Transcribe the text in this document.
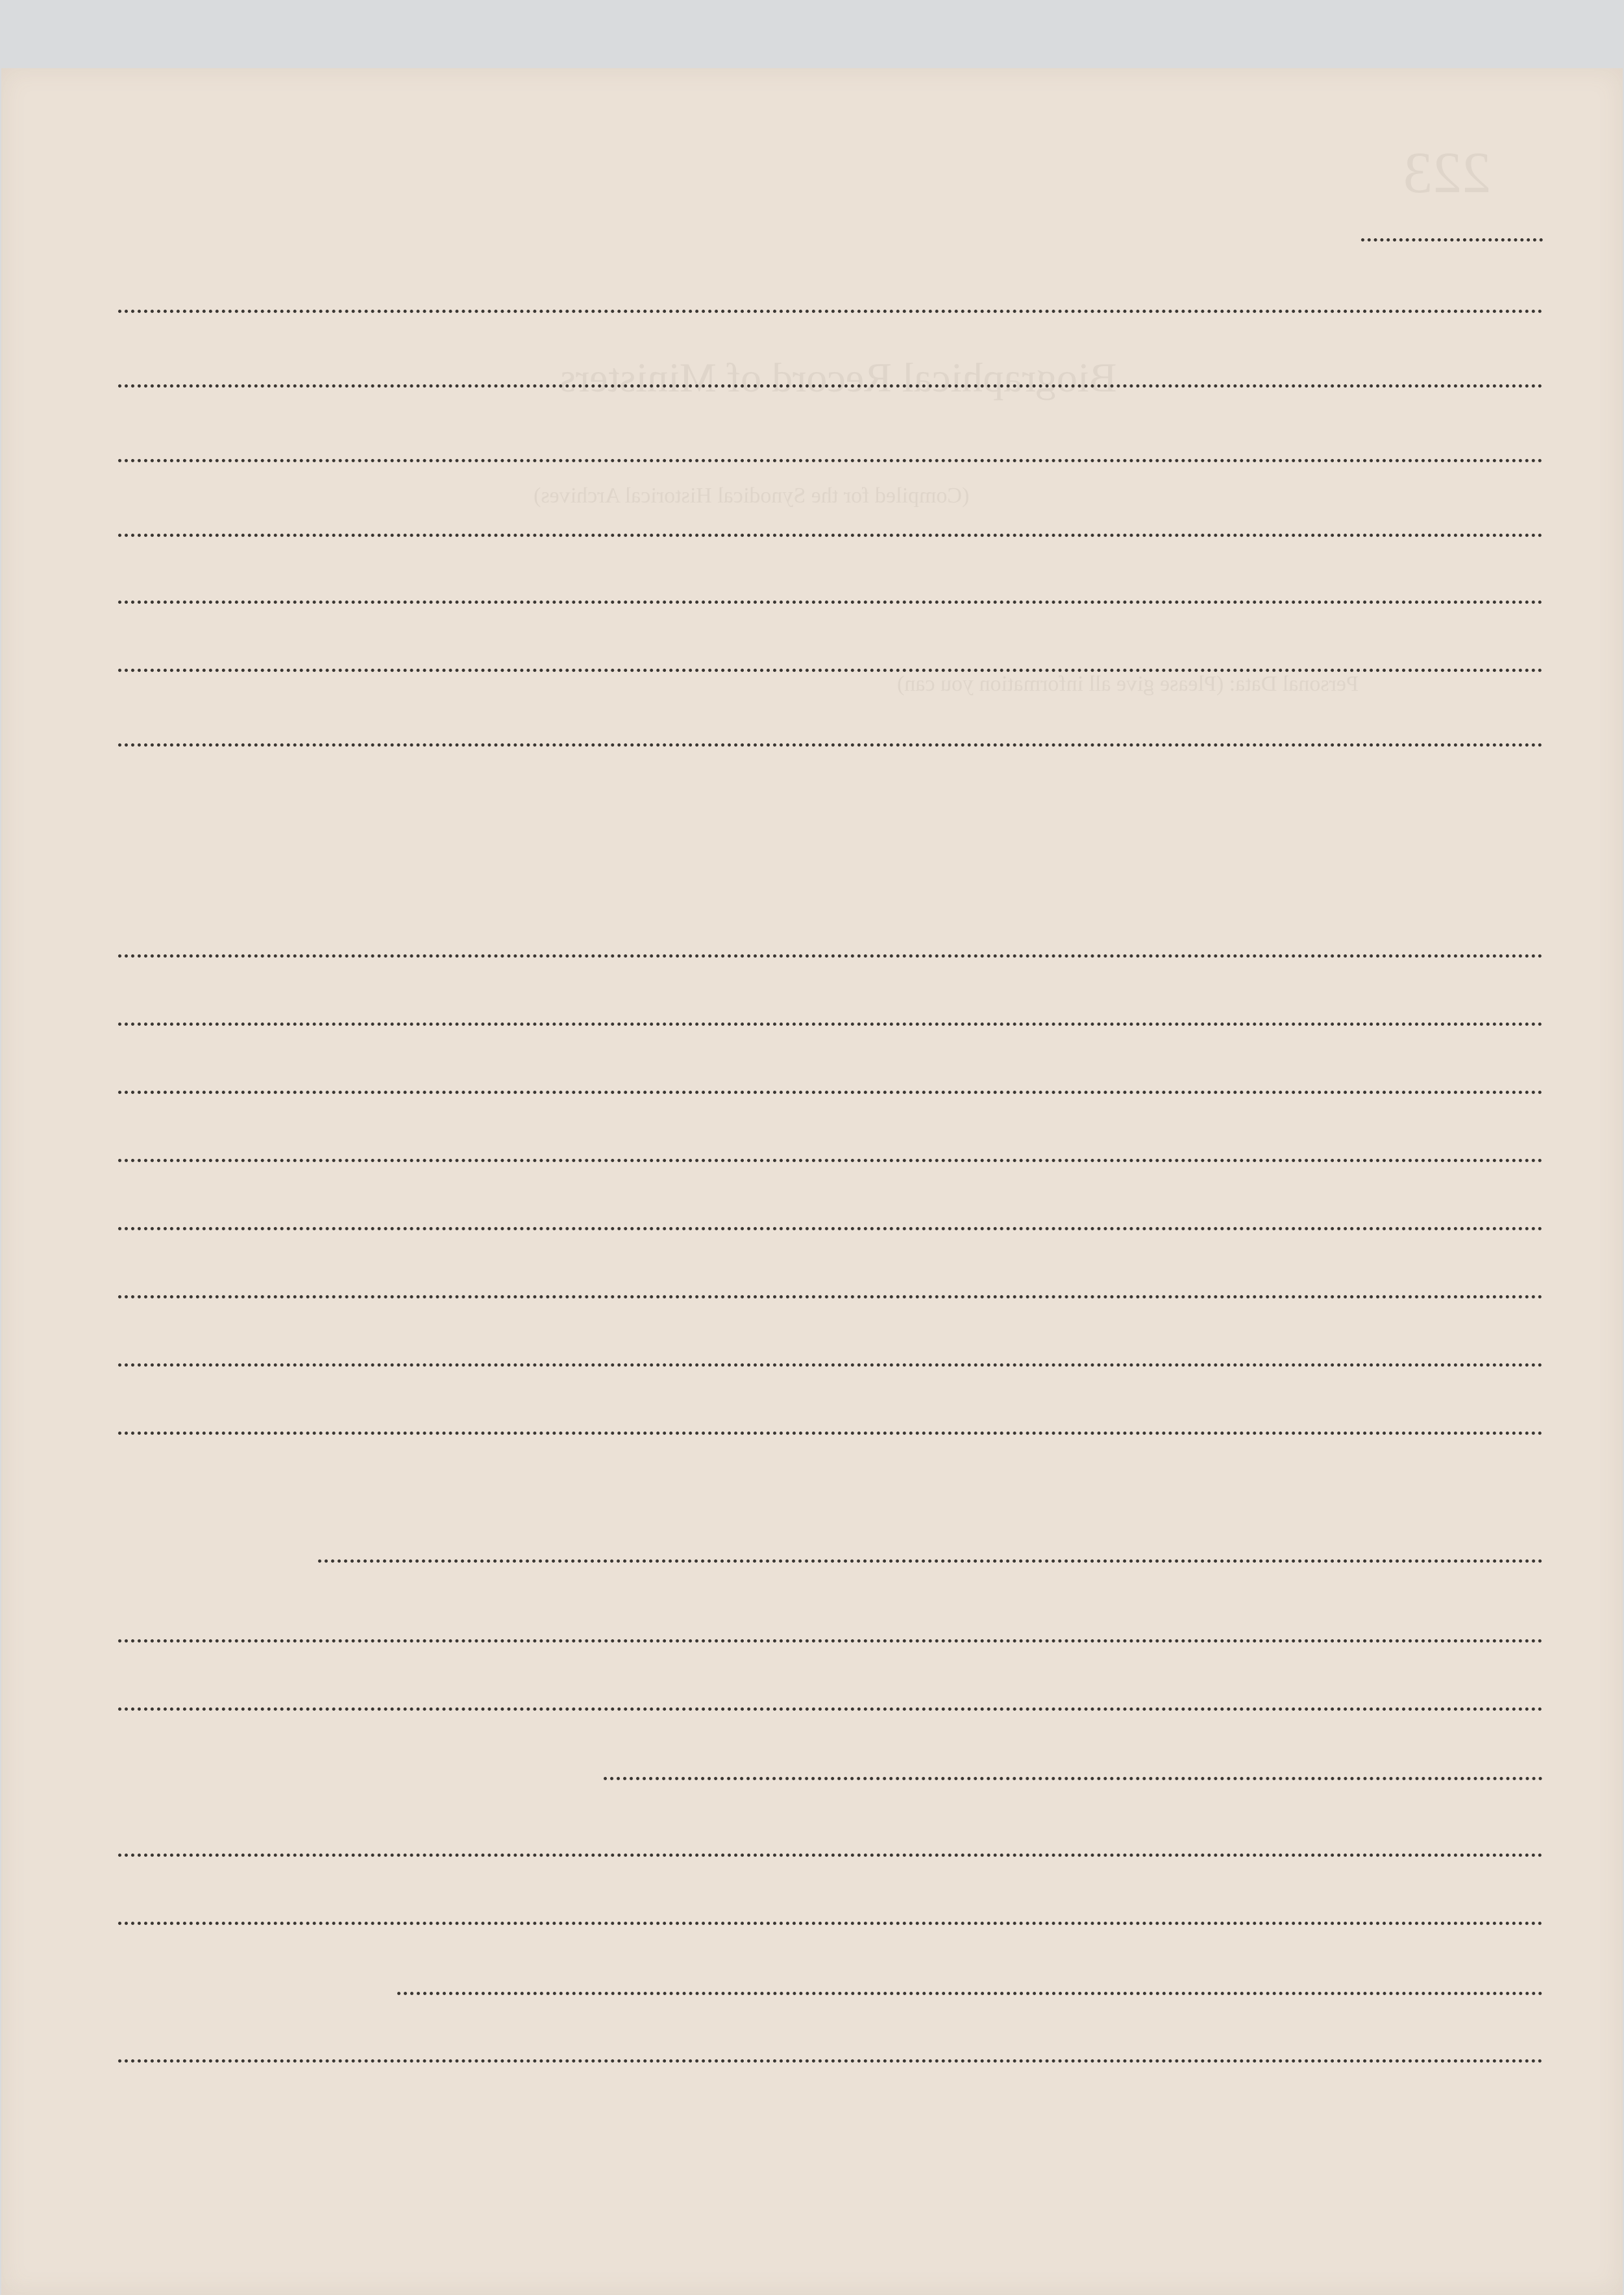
Biographical Record of Ministers
(Compiled for the Synodical Historical Archives)
Personal Data: (Please give all information you can)
223
